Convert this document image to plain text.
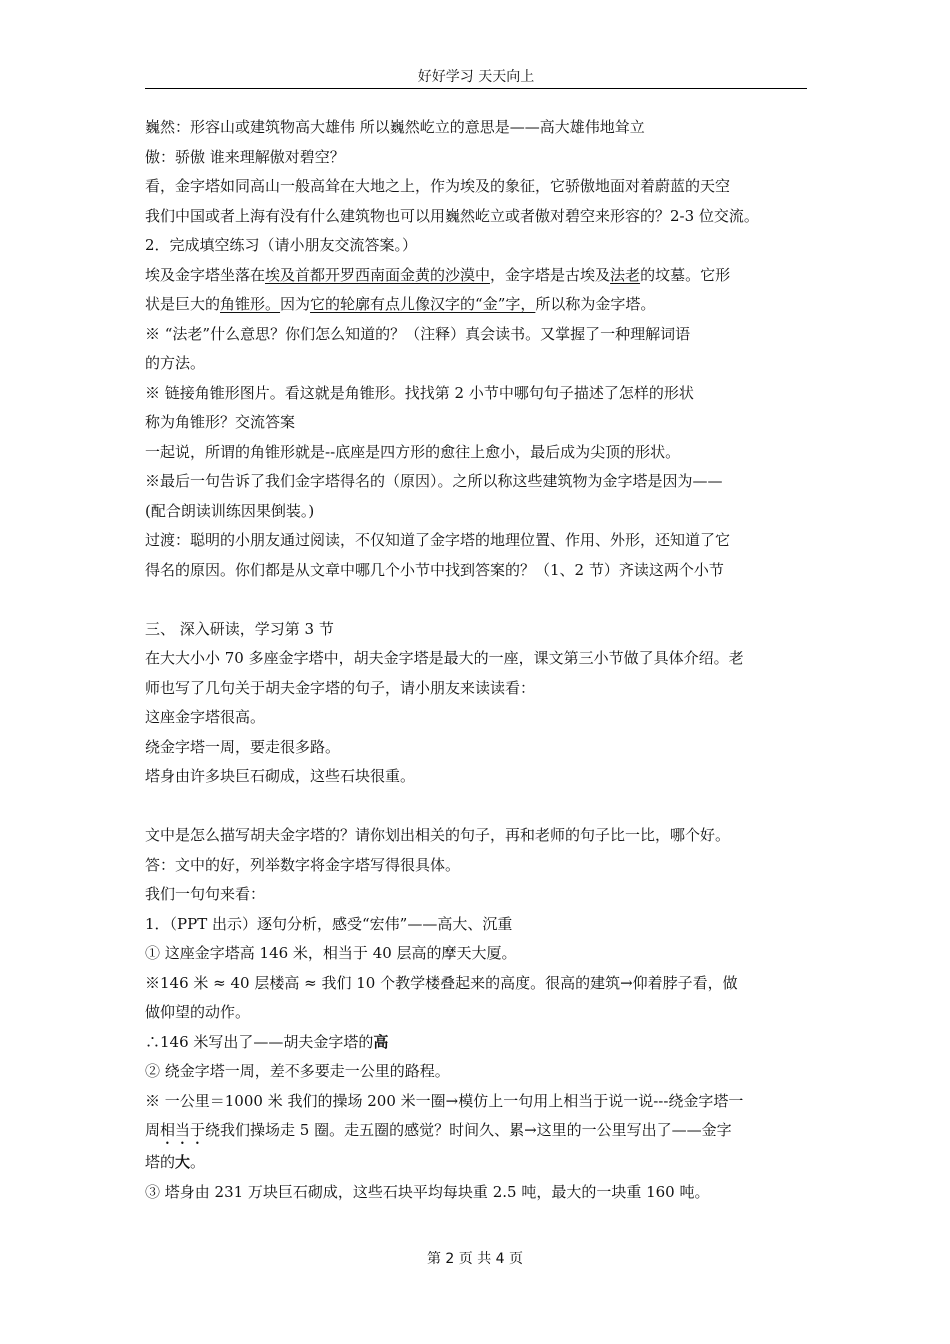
好好学习 天天向上
巍然：形容山或建筑物高大雄伟 所以巍然屹立的意思是——高大雄伟地耸立
傲：骄傲 谁来理解傲对碧空？
看，金字塔如同高山一般高耸在大地之上，作为埃及的象征，它骄傲地面对着蔚蓝的天空
我们中国或者上海有没有什么建筑物也可以用巍然屹立或者傲对碧空来形容的？2-3 位交流。
2．完成填空练习（请小朋友交流答案。）
埃及金字塔坐落在埃及首都开罗西南面金黄的沙漠中，金字塔是古埃及法老的坟墓。它形
状是巨大的角锥形。因为它的轮廓有点儿像汉字的“金”字，所以称为金字塔。
※ “法老”什么意思？你们怎么知道的？（注释）真会读书。又掌握了一种理解词语
的方法。
※ 链接角锥形图片。看这就是角锥形。找找第 2 小节中哪句句子描述了怎样的形状
称为角锥形？交流答案
一起说，所谓的角锥形就是--底座是四方形的愈往上愈小，最后成为尖顶的形状。
※最后一句告诉了我们金字塔得名的（原因）。之所以称这些建筑物为金字塔是因为——
(配合朗读训练因果倒装。)
过渡：聪明的小朋友通过阅读，不仅知道了金字塔的地理位置、作用、外形，还知道了它
得名的原因。你们都是从文章中哪几个小节中找到答案的？（1、2 节）齐读这两个小节
三、 深入研读，学习第 3 节
在大大小小 70 多座金字塔中，胡夫金字塔是最大的一座，课文第三小节做了具体介绍。老
师也写了几句关于胡夫金字塔的句子，请小朋友来读读看：
这座金字塔很高。
绕金字塔一周，要走很多路。
塔身由许多块巨石砌成，这些石块很重。
文中是怎么描写胡夫金字塔的？请你划出相关的句子，再和老师的句子比一比，哪个好。
答：文中的好，列举数字将金字塔写得很具体。
我们一句句来看：
1．（PPT 出示）逐句分析，感受“宏伟”——高大、沉重
① 这座金字塔高 146 米，相当于 40 层高的摩天大厦。
※146 米 ≈ 40 层楼高 ≈ 我们 10 个教学楼叠起来的高度。很高的建筑→仰着脖子看，做
做仰望的动作。
∴146 米写出了——胡夫金字塔的高
② 绕金字塔一周，差不多要走一公里的路程。
※ 一公里＝1000 米 我们的操场 200 米一圈→模仿上一句用上相当于说一说---绕金字塔一
周相当于绕我们操场走 5 圈。走五圈的感觉？时间久、累→这里的一公里写出了——金字
塔的大。
③ 塔身由 231 万块巨石砌成，这些石块平均每块重 2.5 吨，最大的一块重 160 吨。
第 2 页 共 4 页
